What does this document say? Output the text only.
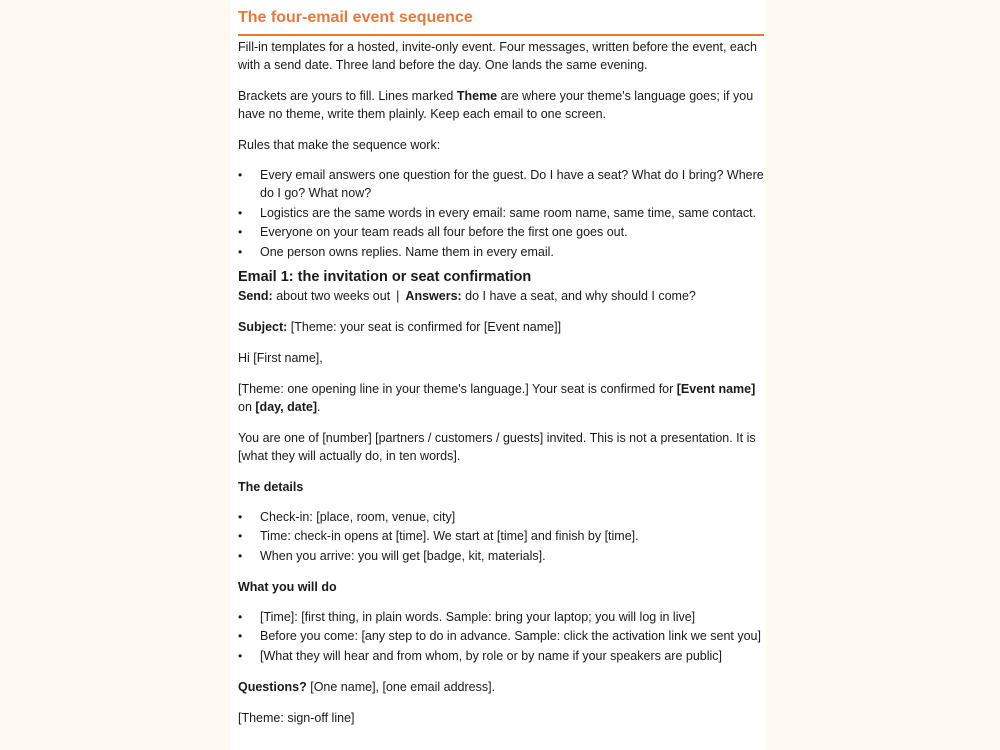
The four-email event sequence

Fill-in templates for a hosted, invite-only event. Four messages, written before the event, each with a send date. Three land before the day. One lands the same evening.

Brackets are yours to fill. Lines marked Theme are where your theme's language goes; if you have no theme, write them plainly. Keep each email to one screen.

Rules that make the sequence work:

• Every email answers one question for the guest. Do I have a seat? What do I bring? Where do I go? What now?
• Logistics are the same words in every email: same room name, same time, same contact.
• Everyone on your team reads all four before the first one goes out.
• One person owns replies. Name them in every email.
Email 1: the invitation or seat confirmation

Send: about two weeks out | Answers: do I have a seat, and why should I come?

Subject: [Theme: your seat is confirmed for [Event name]]

Hi [First name],

[Theme: one opening line in your theme's language.] Your seat is confirmed for [Event name] on [day, date].

You are one of [number] [partners / customers / guests] invited. This is not a presentation. It is [what they will actually do, in ten words].

The details

• Check-in: [place, room, venue, city]
• Time: check-in opens at [time]. We start at [time] and finish by [time].
• When you arrive: you will get [badge, kit, materials].

What you will do

• [Time]: [first thing, in plain words. Sample: bring your laptop; you will log in live]
• Before you come: [any step to do in advance. Sample: click the activation link we sent you]
• [What they will hear and from whom, by role or by name if your speakers are public]

Questions? [One name], [one email address].

[Theme: sign-off line]
